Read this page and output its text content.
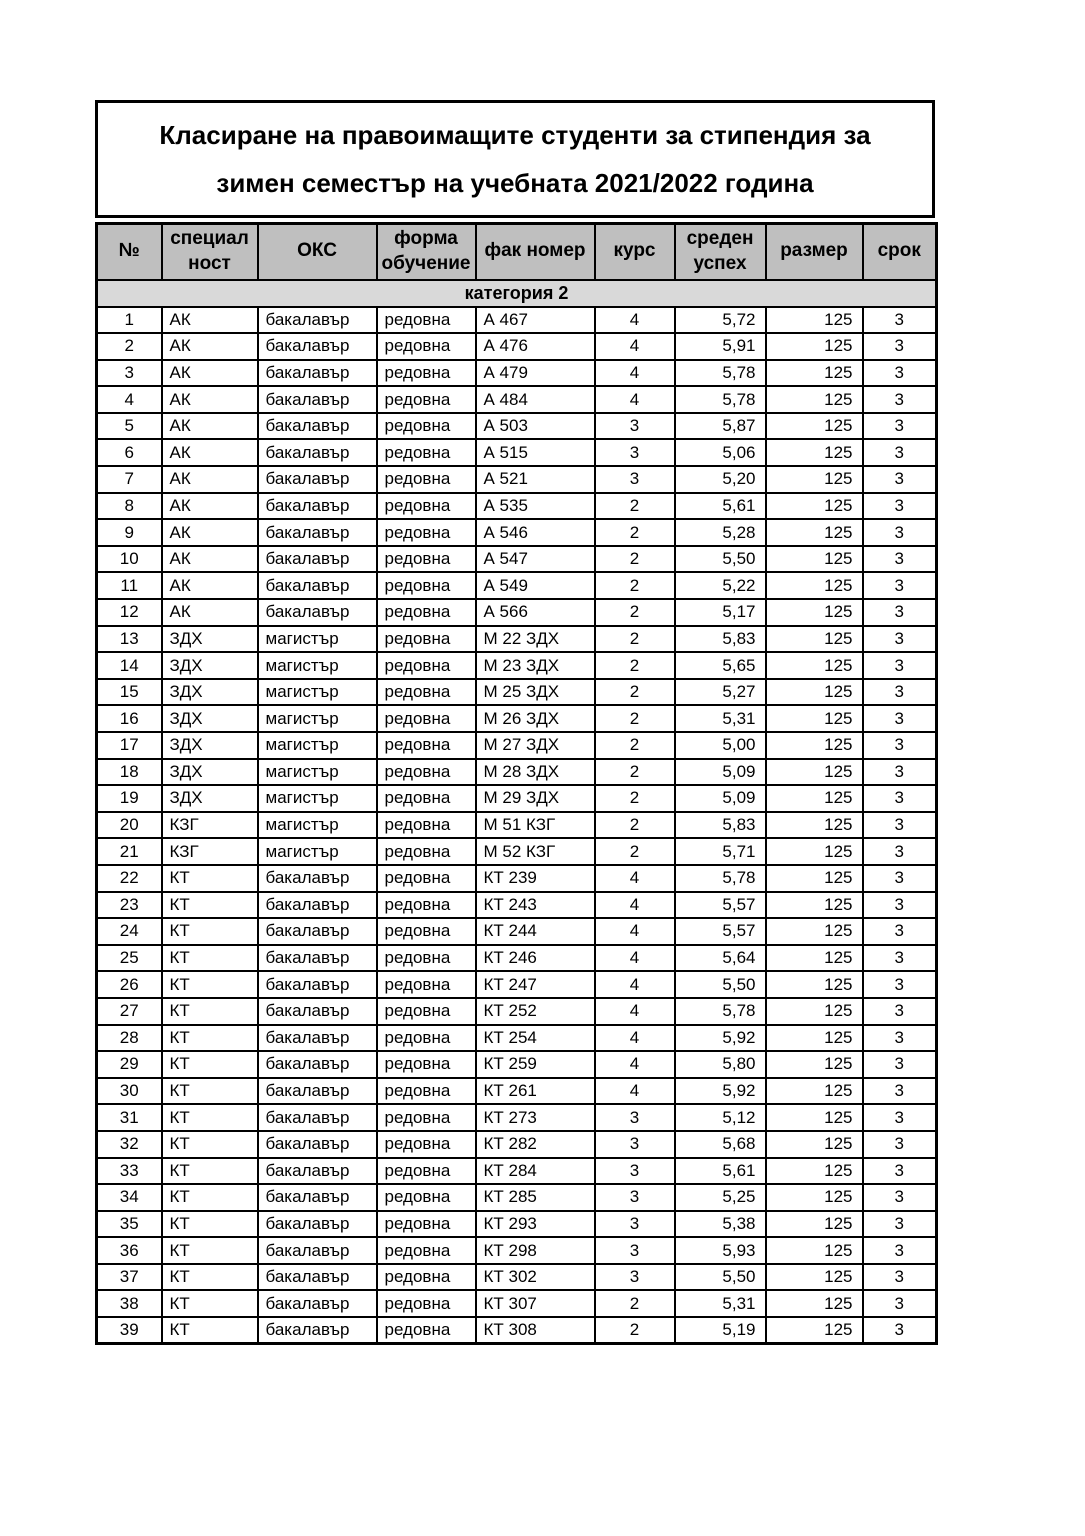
Класиране на правоимащите студенти за стипендия за
зимен семестър на учебната 2021/2022 година
№	специал ност	ОКС	форма обучение	фак номер	курс	среден успех	размер	срок
категория 2								
1	АК	бакалавър	редовна	А 467	4	5,72	125	3
2	АК	бакалавър	редовна	А 476	4	5,91	125	3
3	АК	бакалавър	редовна	А 479	4	5,78	125	3
4	АК	бакалавър	редовна	А 484	4	5,78	125	3
5	АК	бакалавър	редовна	А 503	3	5,87	125	3
6	АК	бакалавър	редовна	А 515	3	5,06	125	3
7	АК	бакалавър	редовна	А 521	3	5,20	125	3
8	АК	бакалавър	редовна	А 535	2	5,61	125	3
9	АК	бакалавър	редовна	А 546	2	5,28	125	3
10	АК	бакалавър	редовна	А 547	2	5,50	125	3
11	АК	бакалавър	редовна	А 549	2	5,22	125	3
12	АК	бакалавър	редовна	А 566	2	5,17	125	3
13	ЗДХ	магистър	редовна	М 22 ЗДХ	2	5,83	125	3
14	ЗДХ	магистър	редовна	М 23 ЗДХ	2	5,65	125	3
15	ЗДХ	магистър	редовна	М 25 ЗДХ	2	5,27	125	3
16	ЗДХ	магистър	редовна	М 26 ЗДХ	2	5,31	125	3
17	ЗДХ	магистър	редовна	М 27 ЗДХ	2	5,00	125	3
18	ЗДХ	магистър	редовна	М 28 ЗДХ	2	5,09	125	3
19	ЗДХ	магистър	редовна	М 29 ЗДХ	2	5,09	125	3
20	КЗГ	магистър	редовна	М 51 КЗГ	2	5,83	125	3
21	КЗГ	магистър	редовна	М 52 КЗГ	2	5,71	125	3
22	КТ	бакалавър	редовна	КТ 239	4	5,78	125	3
23	КТ	бакалавър	редовна	КТ 243	4	5,57	125	3
24	КТ	бакалавър	редовна	КТ 244	4	5,57	125	3
25	КТ	бакалавър	редовна	КТ 246	4	5,64	125	3
26	КТ	бакалавър	редовна	КТ 247	4	5,50	125	3
27	КТ	бакалавър	редовна	КТ 252	4	5,78	125	3
28	КТ	бакалавър	редовна	КТ 254	4	5,92	125	3
29	КТ	бакалавър	редовна	КТ 259	4	5,80	125	3
30	КТ	бакалавър	редовна	КТ 261	4	5,92	125	3
31	КТ	бакалавър	редовна	КТ 273	3	5,12	125	3
32	КТ	бакалавър	редовна	КТ 282	3	5,68	125	3
33	КТ	бакалавър	редовна	КТ 284	3	5,61	125	3
34	КТ	бакалавър	редовна	КТ 285	3	5,25	125	3
35	КТ	бакалавър	редовна	КТ 293	3	5,38	125	3
36	КТ	бакалавър	редовна	КТ 298	3	5,93	125	3
37	КТ	бакалавър	редовна	КТ 302	3	5,50	125	3
38	КТ	бакалавър	редовна	КТ 307	2	5,31	125	3
39	КТ	бакалавър	редовна	КТ 308	2	5,19	125	3
